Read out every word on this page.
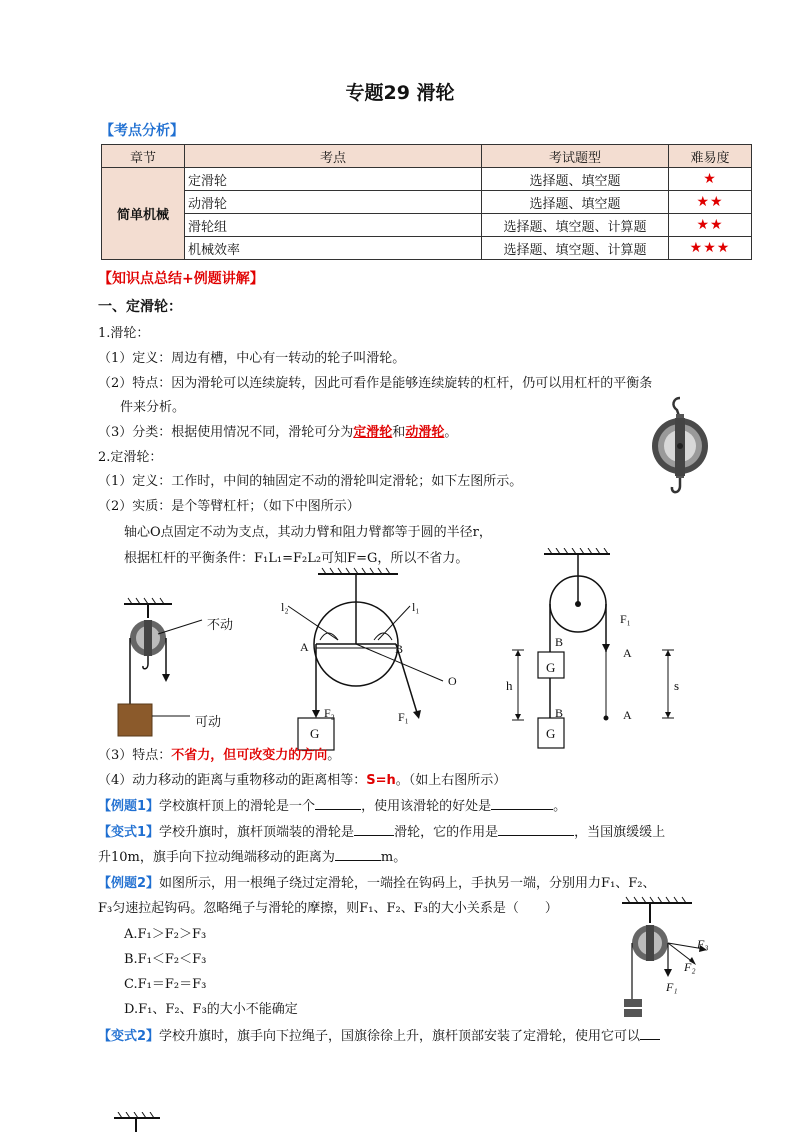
专题29 滑轮
【考点分析】
章节	考点	考试题型	难易度
简单机械	定滑轮	选择题、填空题	★
	动滑轮	选择题、填空题	★★
	滑轮组	选择题、填空题、计算题	★★
	机械效率	选择题、填空题、计算题	★★★
【知识点总结+例题讲解】
一、定滑轮：
1.滑轮：
（1）定义：周边有槽，中心有一转动的轮子叫滑轮。
（2）特点：因为滑轮可以连续旋转，因此可看作是能够连续旋转的杠杆，仍可以用杠杆的平衡条
件来分析。
（3）分类：根据使用情况不同，滑轮可分为定滑轮和动滑轮。
2.定滑轮：
（1）定义：工作时，中间的轴固定不动的滑轮叫定滑轮；如下左图所示。
（2）实质：是个等臂杠杆；（如下中图所示）
轴心O点固定不动为支点，其动力臂和阻力臂都等于圆的半径r，
根据杠杆的平衡条件：F₁L₁=F₂L₂可知F=G，所以不省力。
不动
可动
l₂	l₁
A	B
O
F₂	F₁
G
F₁
B
A
G
h	s
B	A
G
（3）特点：不省力，但可改变力的方向。
（4）动力移动的距离与重物移动的距离相等：S=h。（如上右图所示）
【例题1】学校旗杆顶上的滑轮是一个	，使用该滑轮的好处是	。
【变式1】学校升旗时，旗杆顶端装的滑轮是	滑轮，它的作用是	，当国旗缓缓上
升10m，旗手向下拉动绳端移动的距离为	m。
【例题2】如图所示，用一根绳子绕过定滑轮，一端拴在钩码上，手执另一端，分别用力F₁、F₂、
F₃匀速拉起钩码。忽略绳子与滑轮的摩擦，则F₁、F₂、F₃的大小关系是（　　）
A.F₁＞F₂＞F₃
B.F₁＜F₂＜F₃
C.F₁＝F₂＝F₃
D.F₁、F₂、F₃的大小不能确定
F₃
F₂
F₁
【变式2】学校升旗时，旗手向下拉绳子，国旗徐徐上升，旗杆顶部安装了定滑轮，使用它可以
